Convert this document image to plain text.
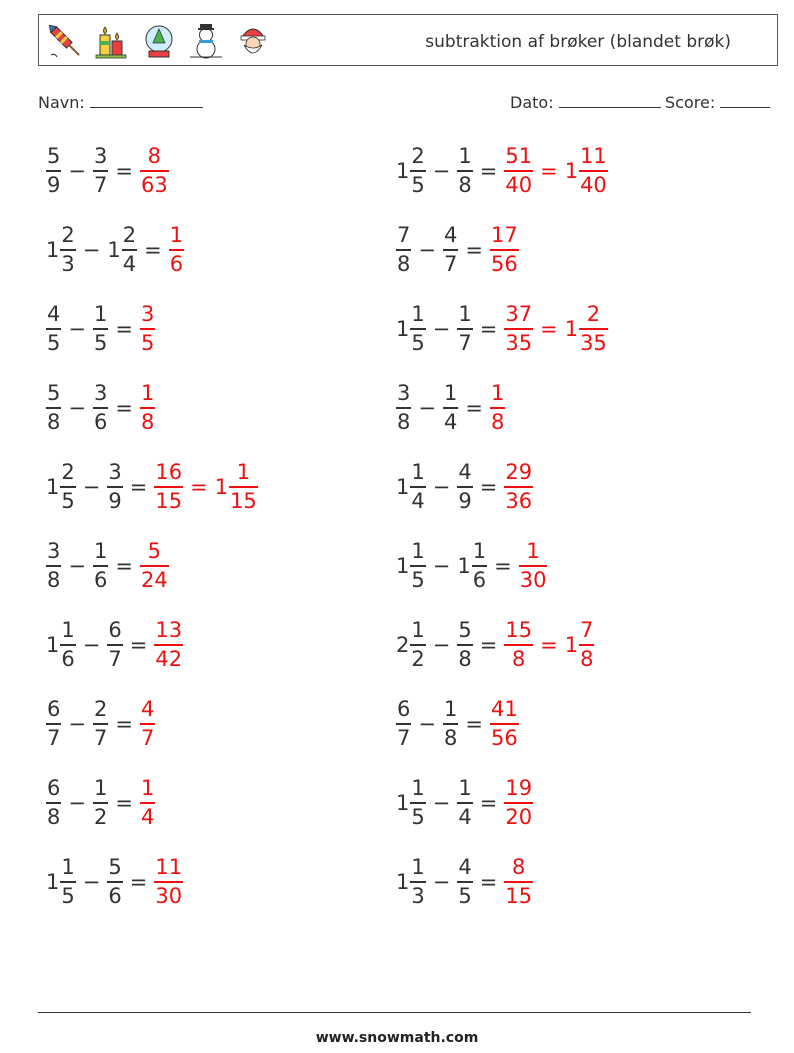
subtraktion af brøker (blandet brøk)
Navn:	Dato:	Score:
$\frac{5}{9} - \frac{3}{7} = \frac{8}{63}$	$1 \frac{2}{5} - \frac{1}{8} = \frac{51}{40} = 1 \frac{11}{40}$
$1 \frac{2}{3} - 1 \frac{2}{4} = \frac{1}{6}$	$\frac{7}{8} - \frac{4}{7} = \frac{17}{56}$
$\frac{4}{5} - \frac{1}{5} = \frac{3}{5}$	$1 \frac{1}{5} - \frac{1}{7} = \frac{37}{35} = 1 \frac{2}{35}$
$\frac{5}{8} - \frac{3}{6} = \frac{1}{8}$	$\frac{3}{8} - \frac{1}{4} = \frac{1}{8}$
$1 \frac{2}{5} - \frac{3}{9} = \frac{16}{15} = 1 \frac{1}{15}$	$1 \frac{1}{4} - \frac{4}{9} = \frac{29}{36}$
$\frac{3}{8} - \frac{1}{6} = \frac{5}{24}$	$1 \frac{1}{5} - 1 \frac{1}{6} = \frac{1}{30}$
$1 \frac{1}{6} - \frac{6}{7} = \frac{13}{42}$	$2 \frac{1}{2} - \frac{5}{8} = \frac{15}{8} = 1 \frac{7}{8}$
$\frac{6}{7} - \frac{2}{7} = \frac{4}{7}$	$\frac{6}{7} - \frac{1}{8} = \frac{41}{56}$
$\frac{6}{8} - \frac{1}{2} = \frac{1}{4}$	$1 \frac{1}{5} - \frac{1}{4} = \frac{19}{20}$
$1 \frac{1}{5} - \frac{5}{6} = \frac{11}{30}$	$1 \frac{1}{3} - \frac{4}{5} = \frac{8}{15}$
www.snowmath.com
